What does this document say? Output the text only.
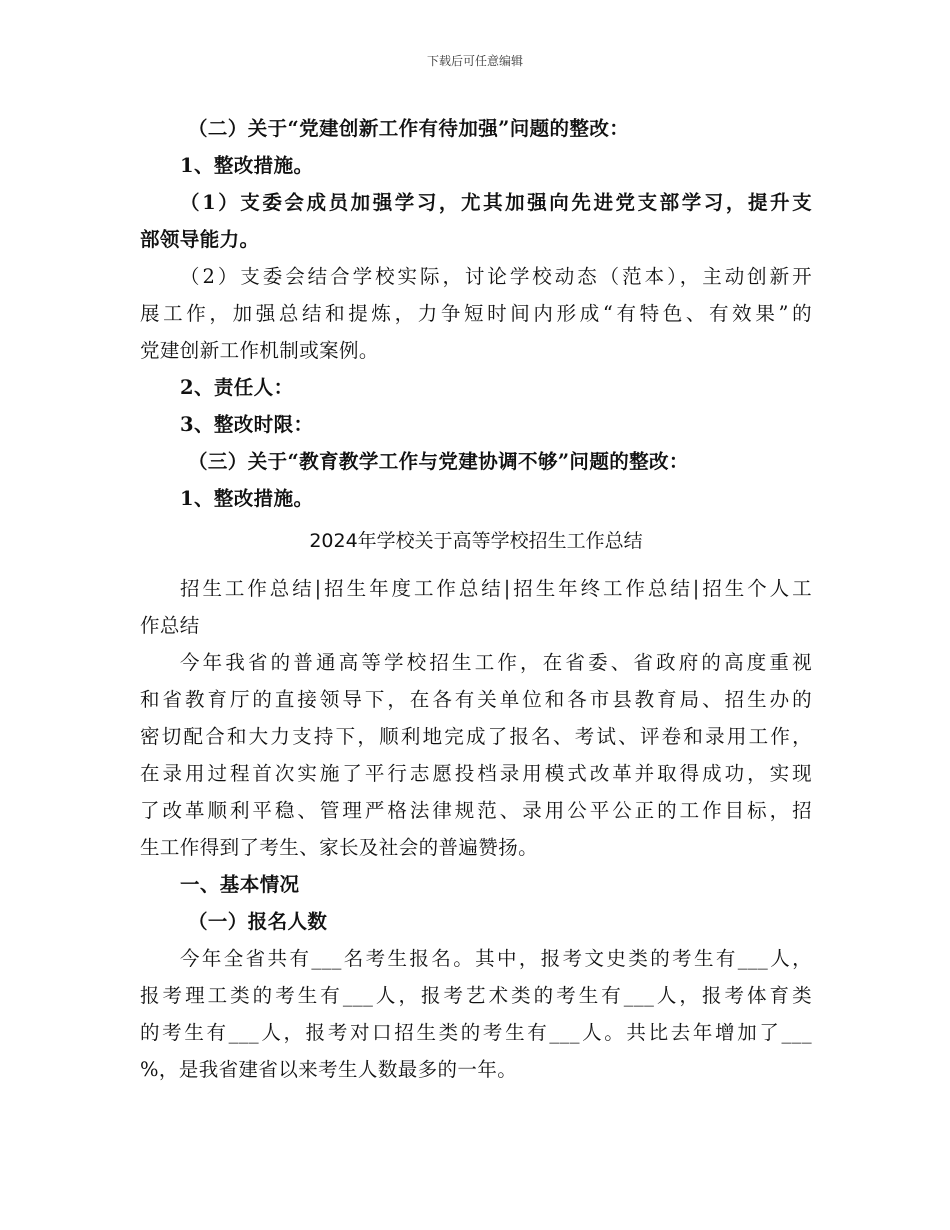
下载后可任意编辑
（二）关于“党建创新工作有待加强”问题的整改：
1、整改措施。
（1）支委会成员加强学习，尤其加强向先进党支部学习，提升支
部领导能力。
（2）支委会结合学校实际，讨论学校动态（范本），主动创新开
展工作，加强总结和提炼，力争短时间内形成“有特色、有效果”的
党建创新工作机制或案例。
2、责任人：
3、整改时限：
（三）关于“教育教学工作与党建协调不够”问题的整改：
1、整改措施。
2024年学校关于高等学校招生工作总结
招生工作总结|招生年度工作总结|招生年终工作总结|招生个人工
作总结
今年我省的普通高等学校招生工作，在省委、省政府的高度重视
和省教育厅的直接领导下，在各有关单位和各市县教育局、招生办的
密切配合和大力支持下，顺利地完成了报名、考试、评卷和录用工作，
在录用过程首次实施了平行志愿投档录用模式改革并取得成功，实现
了改革顺利平稳、管理严格法律规范、录用公平公正的工作目标，招
生工作得到了考生、家长及社会的普遍赞扬。
一、基本情况
（一）报名人数
今年全省共有___名考生报名。其中，报考文史类的考生有___人，
报考理工类的考生有___人，报考艺术类的考生有___人，报考体育类
的考生有___人，报考对口招生类的考生有___人。共比去年增加了___
%，是我省建省以来考生人数最多的一年。
